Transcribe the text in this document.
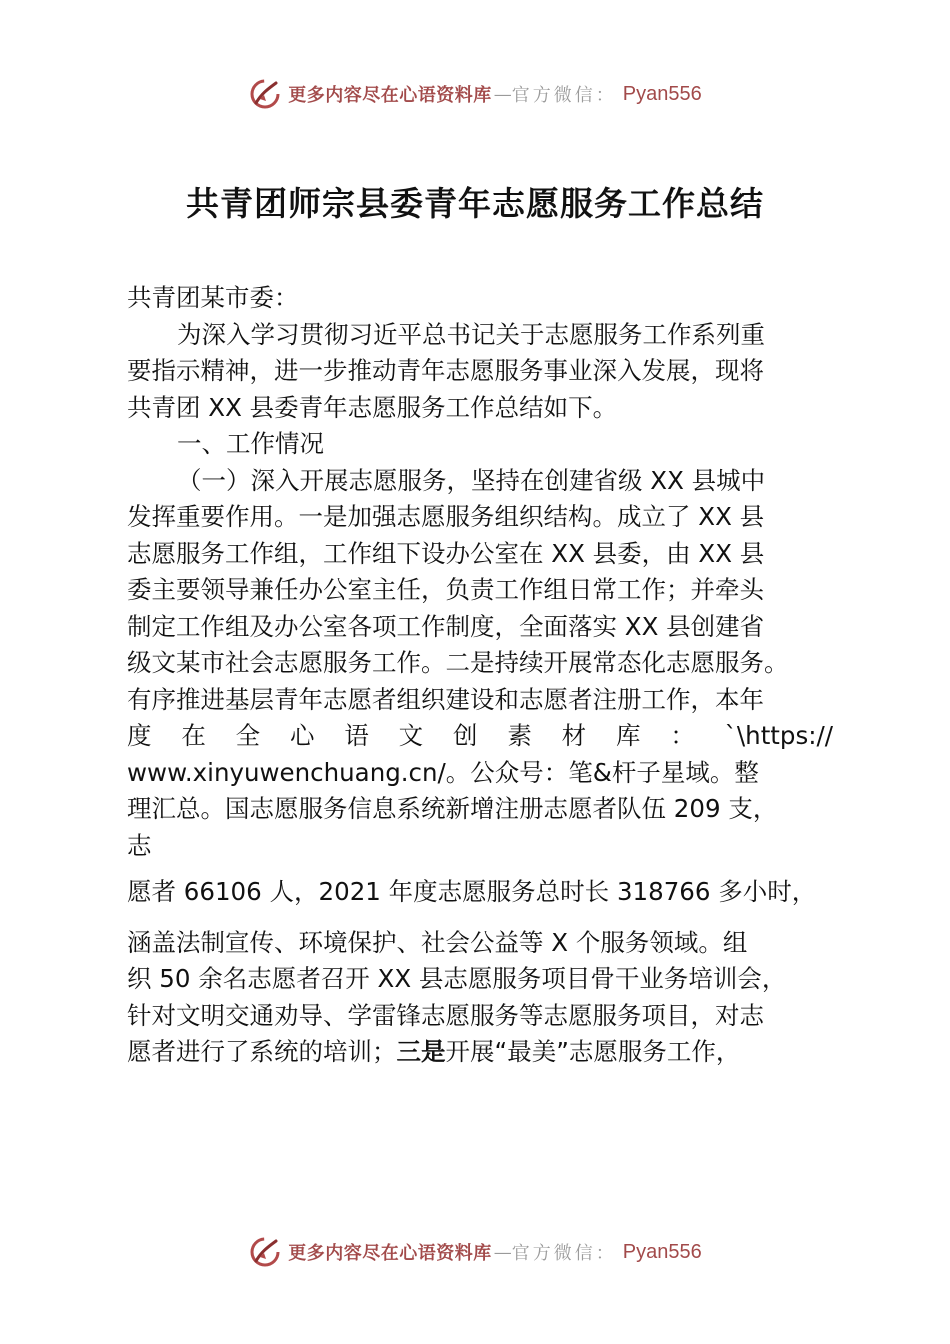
更多内容尽在心语资料库 — 官方微信： Pyan556
共青团师宗县委青年志愿服务工作总结

共青团某市委：

为深入学习贯彻习近平总书记关于志愿服务工作系列重

要指示精神，进一步推动青年志愿服务事业深入发展，现将

共青团 XX 县委青年志愿服务工作总结如下。

一、工作情况

（一）深入开展志愿服务，坚持在创建省级 XX 县城中

发挥重要作用。一是加强志愿服务组织结构。成立了 XX 县

志愿服务工作组，工作组下设办公室在 XX 县委，由 XX 县

委主要领导兼任办公室主任，负责工作组日常工作；并牵头

制定工作组及办公室各项工作制度，全面落实 XX 县创建省

级文某市社会志愿服务工作。二是持续开展常态化志愿服务。

有序推进基层青年志愿者组织建设和志愿者注册工作，本年

度 在 全 心 语 文 创 素 材 库 ： `\https://

www.xinyuwenchuang.cn/。公众号：笔&杆子星域。整

理汇总。国志愿服务信息系统新增注册志愿者队伍 209 支，

志

愿者 66106 人，2021 年度志愿服务总时长 318766 多小时，

涵盖法制宣传、环境保护、社会公益等 X 个服务领域。组

织 50 余名志愿者召开 XX 县志愿服务项目骨干业务培训会，

针对文明交通劝导、学雷锋志愿服务等志愿服务项目，对志

愿者进行了系统的培训；三是开展“最美”志愿服务工作，

更多内容尽在心语资料库 — 官方微信： Pyan556
